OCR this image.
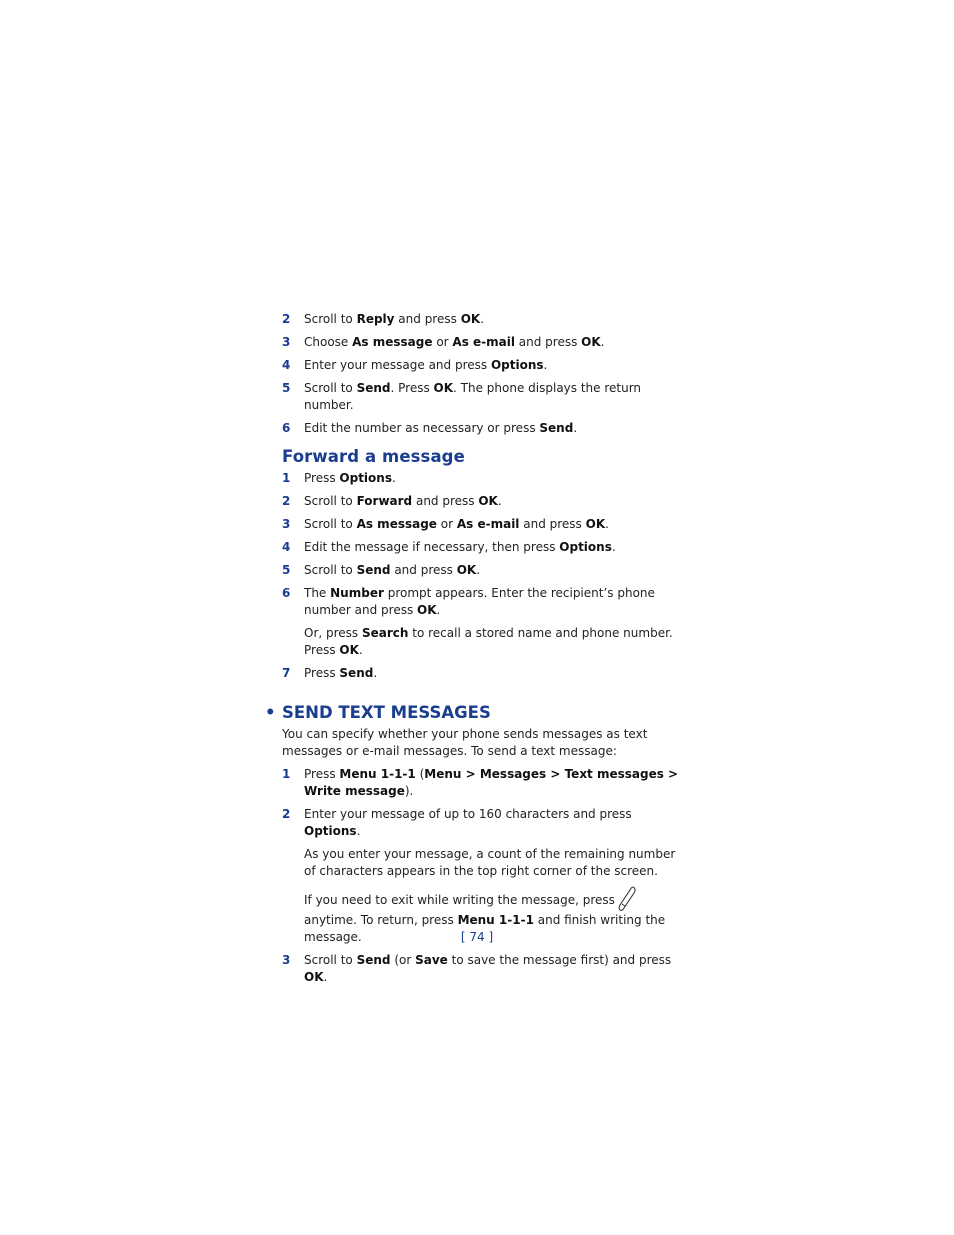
2 Scroll to Reply and press OK.
3 Choose As message or As e-mail and press OK.
4 Enter your message and press Options.
5 Scroll to Send. Press OK. The phone displays the return number.
6 Edit the number as necessary or press Send.
Forward a message
1 Press Options.
2 Scroll to Forward and press OK.
3 Scroll to As message or As e-mail and press OK.
4 Edit the message if necessary, then press Options.
5 Scroll to Send and press OK.
6 The Number prompt appears. Enter the recipient’s phone number and press OK.
Or, press Search to recall a stored name and phone number. Press OK.
7 Press Send.
• SEND TEXT MESSAGES
You can specify whether your phone sends messages as text messages or e-mail messages. To send a text message:
1 Press Menu 1-1-1 (Menu > Messages > Text messages > Write message).
2 Enter your message of up to 160 characters and press Options.
As you enter your message, a count of the remaining number of characters appears in the top right corner of the screen.
If you need to exit while writing the message, press anytime. To return, press Menu 1-1-1 and finish writing the message.
3 Scroll to Send (or Save to save the message first) and press OK.
[ 74 ]
